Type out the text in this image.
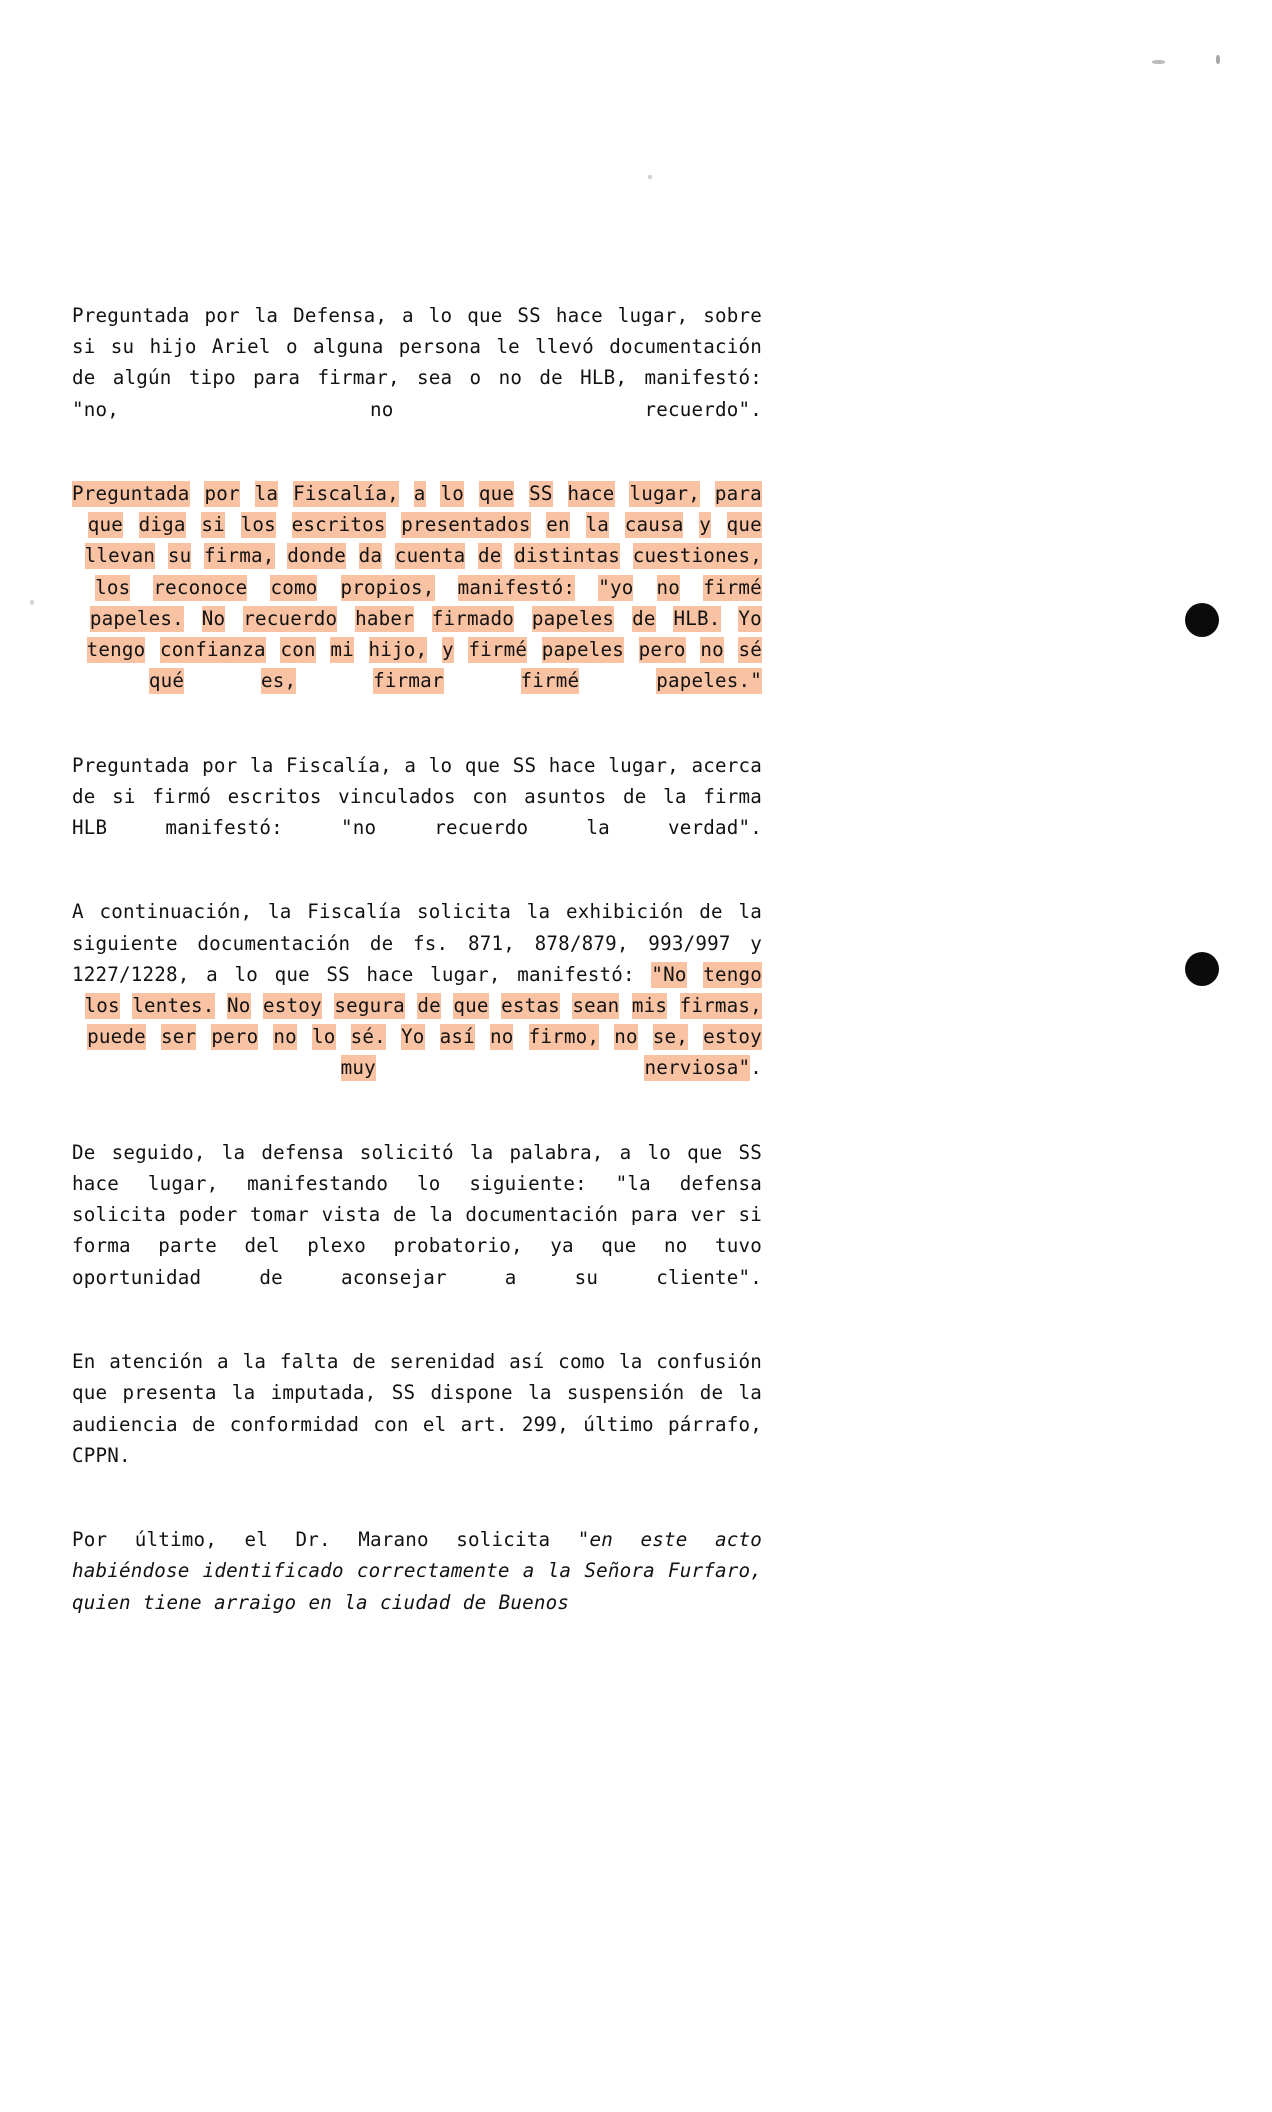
Preguntada por la Defensa, a lo que SS hace lugar, sobre si su hijo Ariel o alguna persona le llevó documentación de algún tipo para firmar, sea o no de HLB, manifestó: "no, no recuerdo".

Preguntada por la Fiscalía, a lo que SS hace lugar, para que diga si los escritos presentados en la causa y que llevan su firma, donde da cuenta de distintas cuestiones, los reconoce como propios, manifestó: "yo no firmé papeles. No recuerdo haber firmado papeles de HLB. Yo tengo confianza con mi hijo, y firmé papeles pero no sé qué	es,	firmar	firmé	papeles."

Preguntada por la Fiscalía, a lo que SS hace lugar, acerca de si firmó escritos vinculados con asuntos de la firma HLB manifestó: "no recuerdo la verdad".

A continuación, la Fiscalía solicita la exhibición de la siguiente documentación de fs. 871, 878/879, 993/997 y 1227/1228, a lo que SS hace lugar, manifestó: "No tengo los lentes. No estoy segura de que estas sean mis firmas, puede ser pero no lo sé. Yo así no firmo, no se, estoy muy	nerviosa".

De seguido, la defensa solicitó la palabra, a lo que SS hace lugar, manifestando lo siguiente: "la defensa solicita poder tomar vista de la documentación para ver si forma parte del plexo probatorio, ya que no tuvo oportunidad de aconsejar a su cliente".

En atención a la falta de serenidad así como la confusión que presenta la imputada, SS dispone la suspensión de la audiencia de conformidad con el art. 299, último párrafo, CPPN.

Por último, el Dr. Marano solicita "en este acto habiéndose identificado correctamente a la Señora Furfaro, quien tiene arraigo en la ciudad de Buenos
